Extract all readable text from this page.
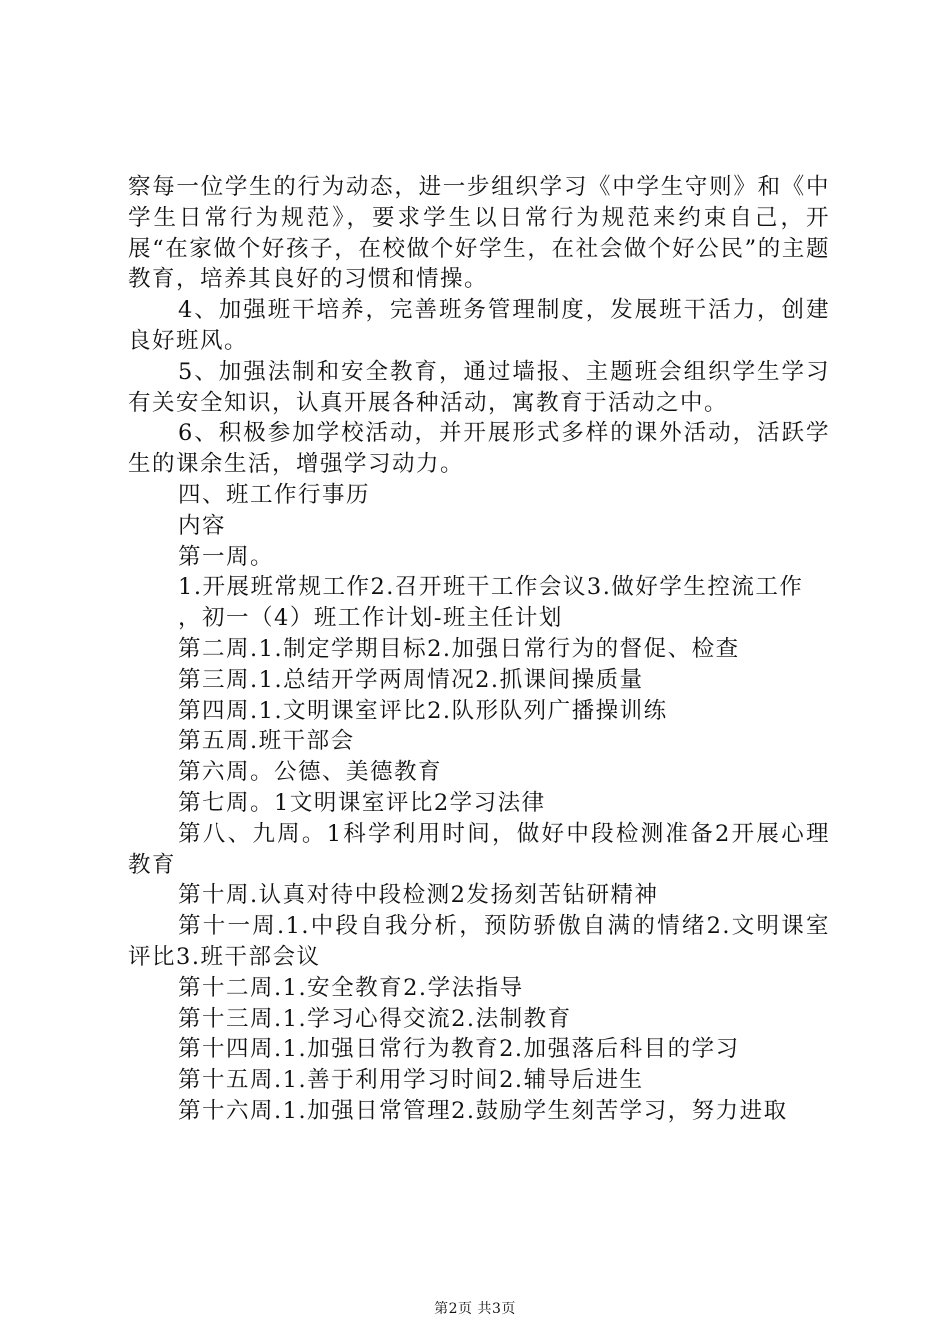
察每一位学生的行为动态，进一步组织学习《中学生守则》和《中学生日常行为规范》，要求学生以日常行为规范来约束自己，开展“在家做个好孩子，在校做个好学生，在社会做个好公民”的主题教育，培养其良好的习惯和情操。

4、加强班干培养，完善班务管理制度，发展班干活力，创建良好班风。

5、加强法制和安全教育，通过墙报、主题班会组织学生学习有关安全知识，认真开展各种活动，寓教育于活动之中。

6、积极参加学校活动，并开展形式多样的课外活动，活跃学生的课余生活，增强学习动力。

四、班工作行事历

内容

第一周。

1.开展班常规工作2.召开班干工作会议3.做好学生控流工作

，初一（4）班工作计划-班主任计划

第二周.1.制定学期目标2.加强日常行为的督促、检查

第三周.1.总结开学两周情况2.抓课间操质量

第四周.1.文明课室评比2.队形队列广播操训练

第五周.班干部会

第六周。公德、美德教育

第七周。1文明课室评比2学习法律

第八、九周。1科学利用时间，做好中段检测准备2开展心理教育

第十周.认真对待中段检测2发扬刻苦钻研精神

第十一周.1.中段自我分析，预防骄傲自满的情绪2.文明课室评比3.班干部会议

第十二周.1.安全教育2.学法指导

第十三周.1.学习心得交流2.法制教育

第十四周.1.加强日常行为教育2.加强落后科目的学习

第十五周.1.善于利用学习时间2.辅导后进生

第十六周.1.加强日常管理2.鼓励学生刻苦学习，努力进取

第2页 共3页
